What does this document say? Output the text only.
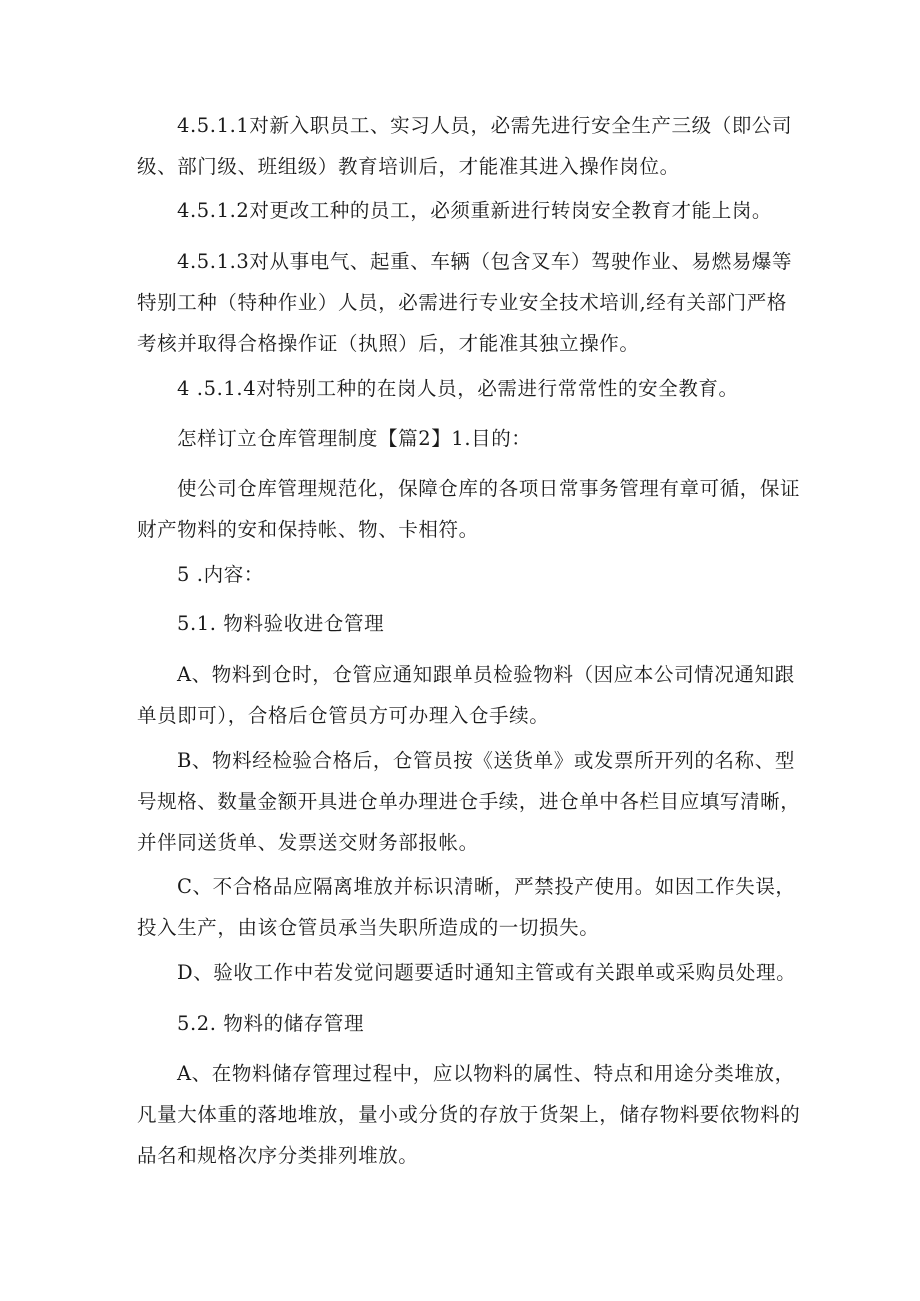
4.5.1.1对新入职员工、实习人员，必需先进行安全生产三级（即公司
级、部门级、班组级）教育培训后，才能准其进入操作岗位。

4.5.1.2对更改工种的员工，必须重新进行转岗安全教育才能上岗。

4.5.1.3对从事电气、起重、车辆（包含叉车）驾驶作业、易燃易爆等
特别工种（特种作业）人员，必需进行专业安全技术培训,经有关部门严格
考核并取得合格操作证（执照）后，才能准其独立操作。

4 .5.1.4对特别工种的在岗人员，必需进行常常性的安全教育。

怎样订立仓库管理制度【篇2】1.目的：

使公司仓库管理规范化，保障仓库的各项日常事务管理有章可循，保证
财产物料的安和保持帐、物、卡相符。

5 .内容：

5.1. 物料验收进仓管理

A、物料到仓时，仓管应通知跟单员检验物料（因应本公司情况通知跟
单员即可），合格后仓管员方可办理入仓手续。

B、物料经检验合格后，仓管员按《送货单》或发票所开列的名称、型
号规格、数量金额开具进仓单办理进仓手续，进仓单中各栏目应填写清晰，
并伴同送货单、发票送交财务部报帐。

C、不合格品应隔离堆放并标识清晰，严禁投产使用。如因工作失误，
投入生产，由该仓管员承当失职所造成的一切损失。

D、验收工作中若发觉问题要适时通知主管或有关跟单或采购员处理。

5.2. 物料的储存管理

A、在物料储存管理过程中，应以物料的属性、特点和用途分类堆放，
凡量大体重的落地堆放，量小或分货的存放于货架上，储存物料要依物料的
品名和规格次序分类排列堆放。
